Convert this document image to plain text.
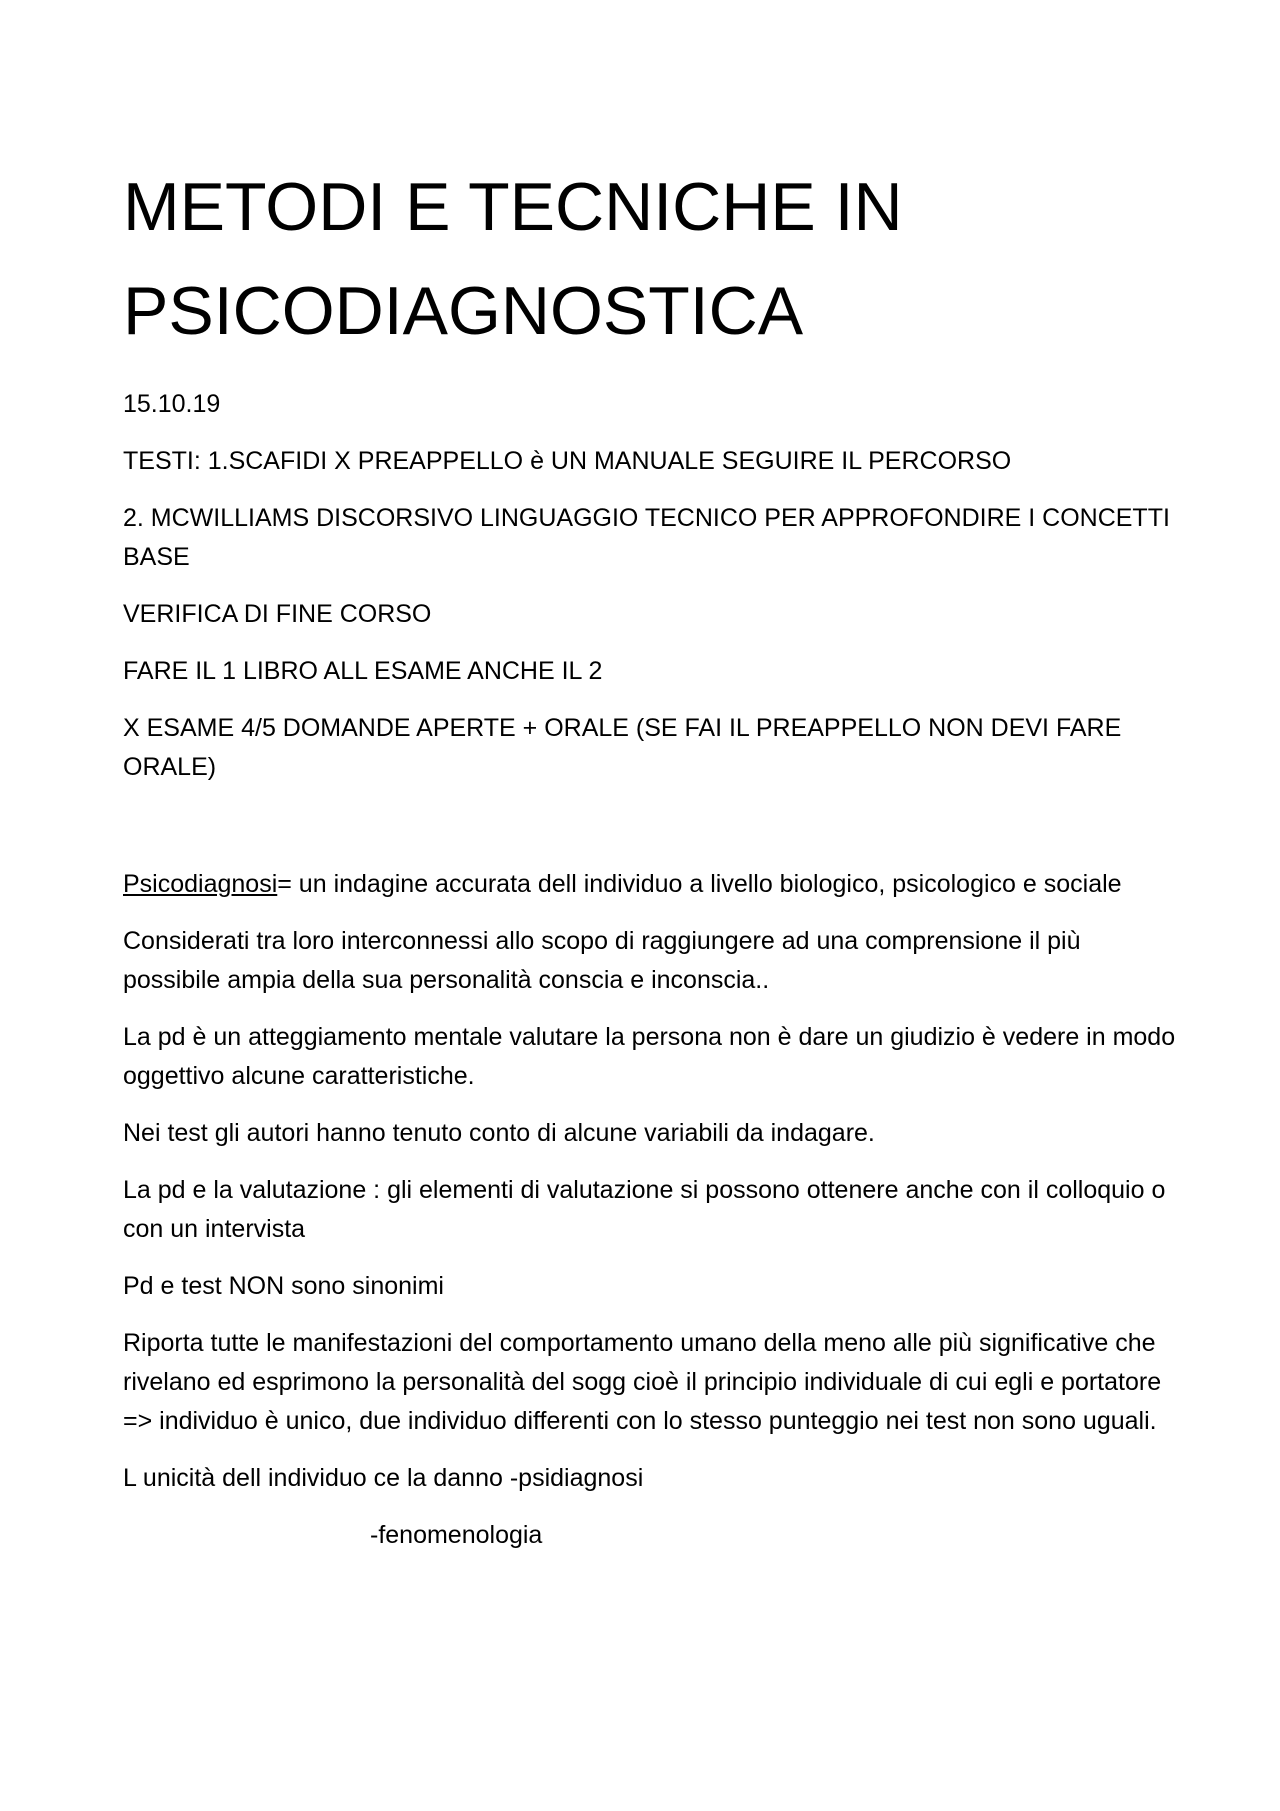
METODI E TECNICHE IN
PSICODIAGNOSTICA

15.10.19

TESTI: 1.SCAFIDI X PREAPPELLO è UN MANUALE SEGUIRE IL PERCORSO

2. MCWILLIAMS DISCORSIVO LINGUAGGIO TECNICO PER APPROFONDIRE I CONCETTI BASE

VERIFICA DI FINE CORSO

FARE IL 1 LIBRO ALL ESAME ANCHE IL 2

X ESAME 4/5 DOMANDE APERTE + ORALE (SE FAI IL PREAPPELLO NON DEVI FARE ORALE)

Psicodiagnosi= un indagine accurata dell individuo a livello biologico, psicologico e sociale

Considerati tra loro interconnessi allo scopo di raggiungere ad una comprensione il più possibile ampia della sua personalità conscia e inconscia..

La pd è un atteggiamento mentale valutare la persona non è dare un giudizio è vedere in modo oggettivo alcune caratteristiche.

Nei test gli autori hanno tenuto conto di alcune variabili da indagare.

La pd e la valutazione : gli elementi di valutazione si possono ottenere anche con il colloquio o con un intervista

Pd e test NON sono sinonimi

Riporta tutte le manifestazioni del comportamento umano della meno alle più significative che rivelano ed esprimono la personalità del sogg cioè il principio individuale di cui egli e portatore => individuo è unico, due individuo differenti con lo stesso punteggio nei test non sono uguali.

L unicità dell individuo ce la danno -psidiagnosi

-fenomenologia
